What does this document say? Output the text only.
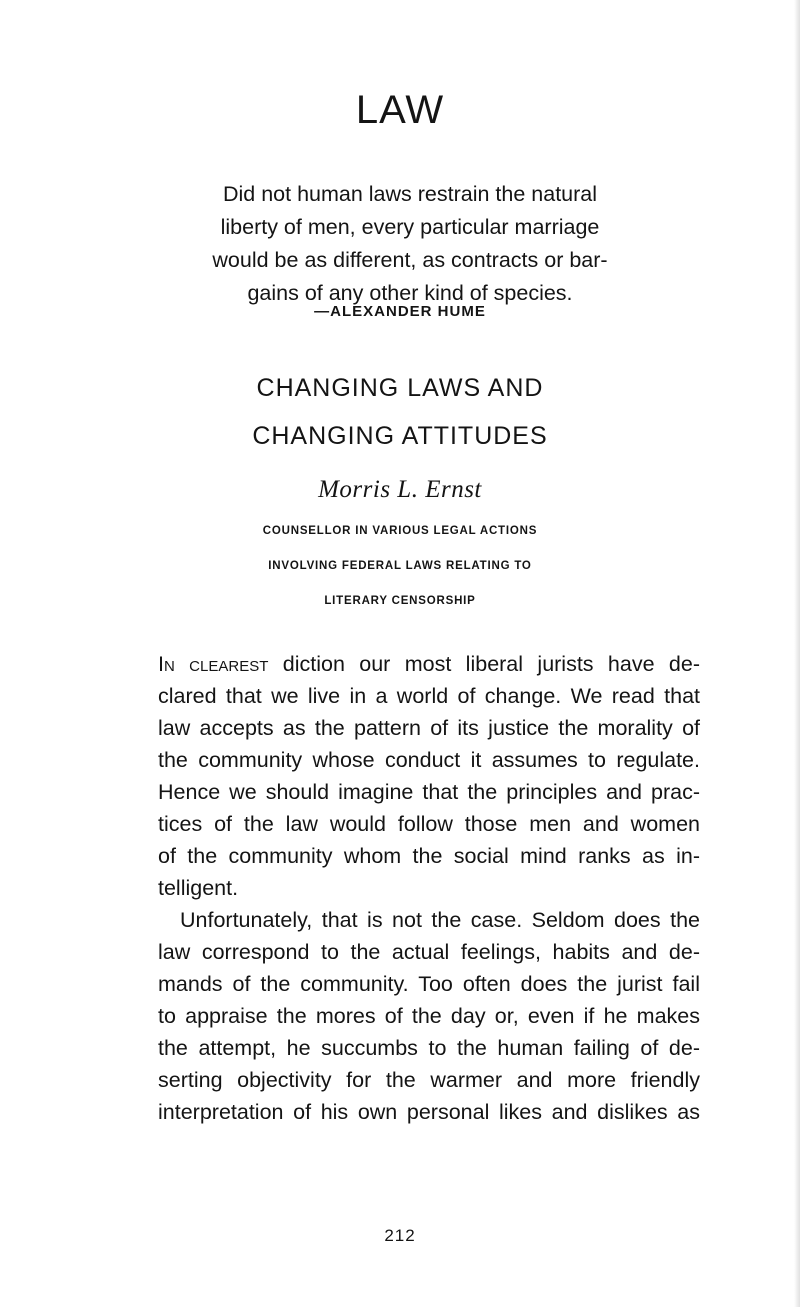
LAW
Did not human laws restrain the natural
liberty of men, every particular marriage
would be as different, as contracts or bar-
gains of any other kind of species.
—ALEXANDER HUME
CHANGING LAWS AND
CHANGING ATTITUDES
Morris L. Ernst
COUNSELLOR IN VARIOUS LEGAL ACTIONS
INVOLVING FEDERAL LAWS RELATING TO
LITERARY CENSORSHIP
In clearest diction our most liberal jurists have de-
clared that we live in a world of change. We read that
law accepts as the pattern of its justice the morality of
the community whose conduct it assumes to regulate.
Hence we should imagine that the principles and prac-
tices of the law would follow those men and women
of the community whom the social mind ranks as in-
telligent.
Unfortunately, that is not the case. Seldom does the
law correspond to the actual feelings, habits and de-
mands of the community. Too often does the jurist fail
to appraise the mores of the day or, even if he makes
the attempt, he succumbs to the human failing of de-
serting objectivity for the warmer and more friendly
interpretation of his own personal likes and dislikes as
212
